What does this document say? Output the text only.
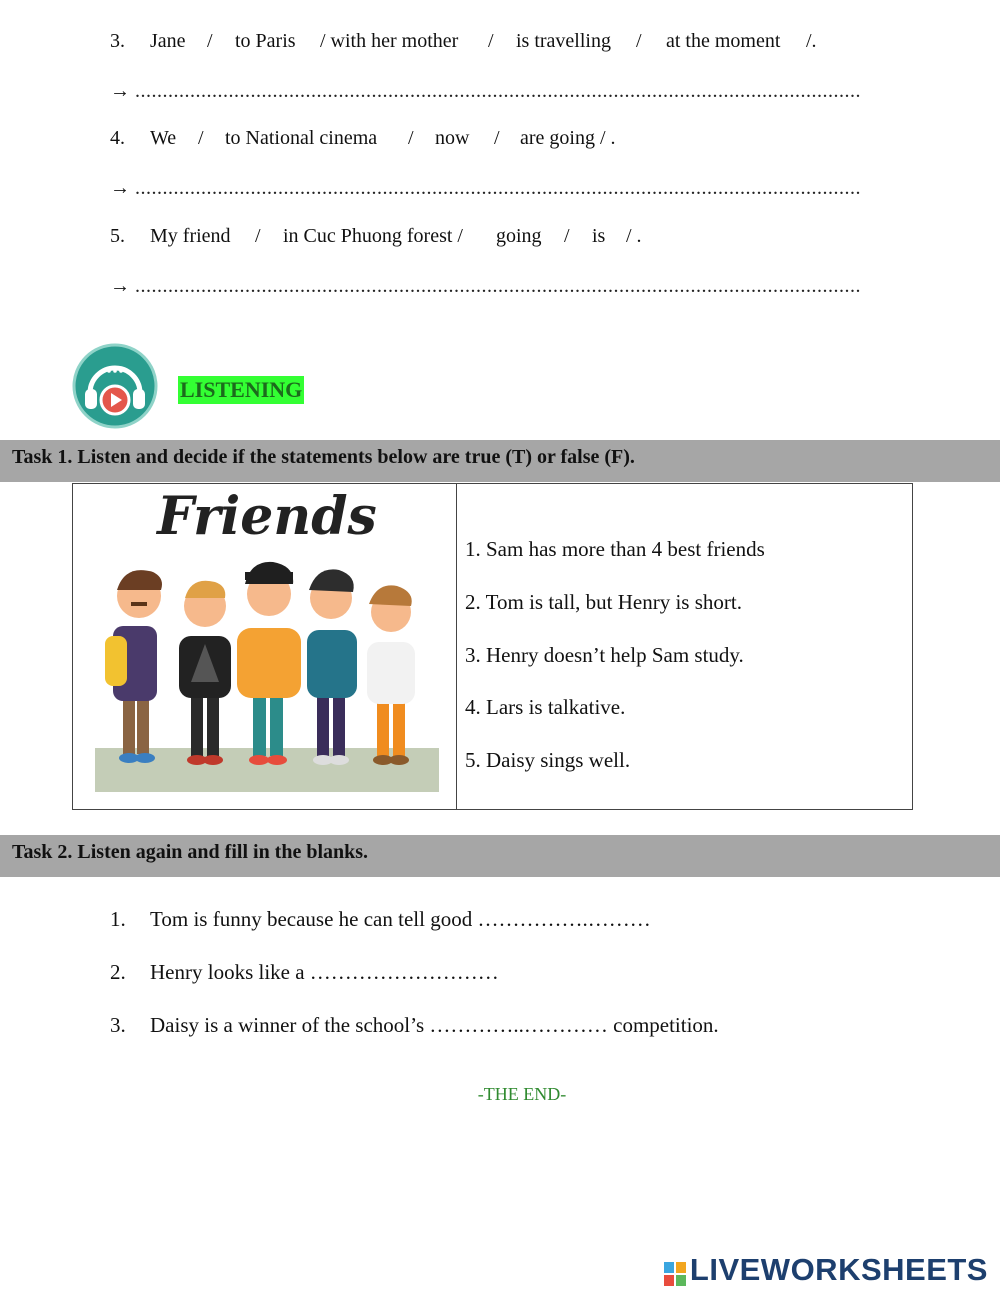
3. Jane / to Paris / with her mother / is travelling / at the moment /.
→ ....................................................................................................................................
4. We / to National cinema / now / are going / .
→ ....................................................................................................................................
5. My friend / in Cuc Phuong forest / going / is / .
→ ....................................................................................................................................
LISTENING
Task 1. Listen and decide if the statements below are true (T) or false (F).
Friends
1. Sam has more than 4 best friends
2. Tom is tall, but Henry is short.
3. Henry doesn’t help Sam study.
4. Lars is talkative.
5. Daisy sings well.
Task 2. Listen again and fill in the blanks.
1. Tom is funny because he can tell good …………….………
2. Henry looks like a ………………………
3. Daisy is a winner of the school’s …………..………… competition.
-THE END-
LIVEWORKSHEETS
